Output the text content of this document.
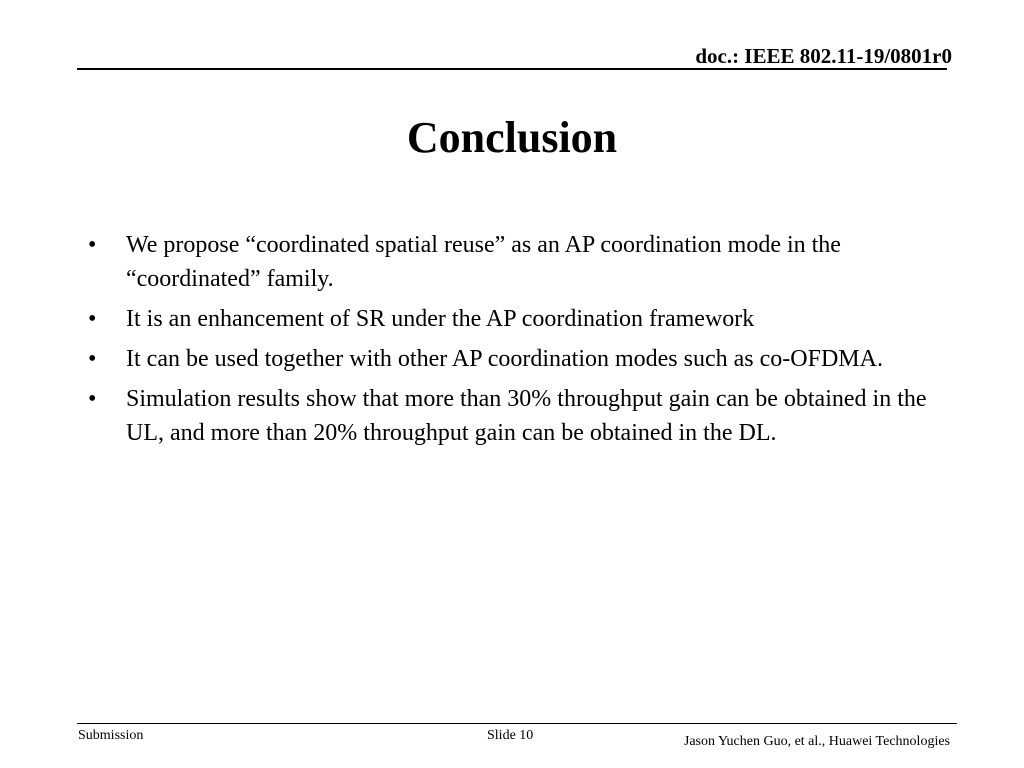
doc.: IEEE 802.11-19/0801r0
Conclusion
•	We propose “coordinated spatial reuse” as an AP coordination mode in the “coordinated” family.
•	It is an enhancement of SR under the AP coordination framework
•	It can be used together with other AP coordination modes such as co-OFDMA.
•	Simulation results show that more than 30% throughput gain can be obtained in the UL, and more than 20% throughput gain can be obtained in the DL.
Submission	Slide 10	Jason Yuchen Guo, et al., Huawei Technologies
